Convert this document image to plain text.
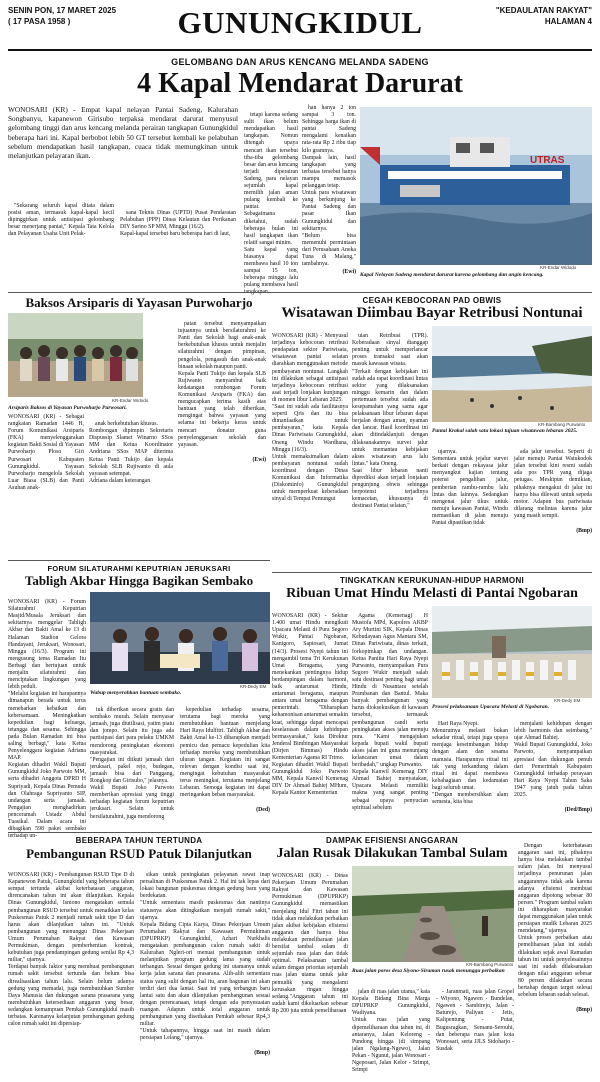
SENIN PON, 17 MARET 2025
( 17 PASA 1958 )	GUNUNGKIDUL	"KEDAULATAN RAKYAT"
HALAMAN 4
GELOMBANG DAN ARUS KENCANG MELANDA SADENG
4 Kapal Mendarat Darurat

WONOSARI (KR) - Empat kapal nelayan Pantai Sadeng, Kalurahan Songbanyu, kapanewon Girisubo terpaksa mendarat darurat menyusul gelombang tinggi dan arus kencang melanda perairan tangkapan Gunungkidul beberapa hari ini. Kapal berbobot lebih 50 GT tersebut kembali ke pelabuhan sebelum mendapatkan hasil tangkapan, cuaca tidak memungkinan untuk melanjutkan pelayaran ikan.

"Sekarang seluruh kapal ditata dalam posisi aman, termasuk kapal-kapal kecil dipinggirkan untuk antisipasi gelombang besar menerjang pantai," Kepala Tata Kelola dan Pelayanan Usaha Unit Pelak-

sana Teknis Dinas (UPTD) Pusat Pendaratan Pelabuhan (PPP) Dinas Kelautan dan Perikanan DIY Sarino SP MM, Minggu (16/2).
Kapal-kapal tersebut baru beberapa hari di laut,

tetapi karena sedang sulit ikan belum mendapatkan hasil tangkapan. Nomun ditengah upaya mencari ikan tersebut tiba-tiba gelombang besar dan arus kencang terjadi diperairan Sadeng, para nelayan sejumlah kapal memilih jalan aman pulang kembali ke pantai.
Sebagaimana diketahui, sudah beberapa bulan ini hasil tangkapan ikan relatif sangat minim.
Satu kapal yang biasanya dapat membawa hasil 10 ton sampai 15 ton, beberapa minggu lalu pulang membawa hasil tangkapan

UTRAS
KR-Endar Widodo
Kapal Nelayan Sadeng mendarat darurat karena gelombang dan angin kencang.
Baksos Arsiparis di Yayasan Purwoharjo
KR-Endar Widodo
Arsiparis Baksos di Yayasan Purwoharjo Purwosari.

WONOSARI (KR) - Sebagai rangkaian Ramadan 1446 H, Forum Komunikasi Arsiparis (FKA) menyelenggarakan kegiatan Bakti Sosial di Yayasan Purwoharjo Ploso Giri Purwosari Kabupaten Gunungkidul. Yayasan Purwoharjo mengelola Sekolah Luar Biasa (SLB) dan Panti Asuhan anak-

anak berkebutuhan khusus.
Rombongan dipimpin Sekretaris Dispussip Slamet Winarno SSos MM dan Ketua Koordinator Andriana SSos MAP diterima Ketua Panti Tukijo dan kepala Sekolah SLB Rujiwanto di aula yayasan setempat.
Adriana dalam keterangan

patan tersebut menyampaikan tujuannya untuk bersilaturahmi ke Panti dan Sekolah bagi anak-anak berkebutuhan khusus untuk menjalin silaturahmi dengan pimpinan, pengelola, pengasuh dan anak-anak binaan sekolah maupun panti.
Kepala Panti Tukijo dan kepala SLB Rujiwanto menyambut baik kedatangan rombongan Forum Komunikasi Arsiparis (FKA) dan mengucapkan terima kasih atas bantuan yang telah diberikan, mengingat bahwa yayasan yang selama ini bekerja keras untuk mencari donatur guna penyelenggaraan sekolah dan yayasan.

(Ewi)

CEGAH KEBOCORAN PAD OBWIS
Wisatawan Diimbau Bayar Retribusi Nontunai

WONOSARI (KR) - Menyusul terjadinya kebocoran retribusi pendapatan sektor Pariwisata, wisatawan pantai selatan diarahkan menggunakan metode pembayaran nontunai. Langkah ini dilakukan sebagai antisipasi terjadinya kebocoran retribusi asat terjadi lonjakan kunjungan di momen libur Lebaran 2025.
"Saat ini sudah ada fasilitasnya seperti Qris dan itu bisa dimanfaatkan untuk pembayaran," kata Kepala Dinas Pariwisata Gunungkidul, Oneng Windu Wardhana, Minggu (16/3).
Untuk memaksimalkan dalam pembayaran nontunai sudah koordinasi dengan Dinas Komunikasi dan Informatika (Diskominfo) Gunungkidul untuk memperkuat keberadaan sinyal di Tempat Pemungut

utan Retribusi (TPR). Keberadaan sinyal dianggap penting untuk memperlancar proses transaksi saat akan masuk kawasan wisata.
"Terkait dengan kebijakan ini sudah ada rapat koordinasi lintas sektor yang dilaksanakan minggu kemarin dan dalam pertemuan tersebut sudah ada kesepamahan yang sama agar pelaksanaan libur lebaran dapat berjalan dengan aman, nyaman dan lancar. Hasil koordinasi ini akan ditindaklanjuti dengan dilaksanakannya survei jalur untuk memantau kebijakan akses wisatawan arus lalu lintas." kata Oneng.
Saat libur lebaran nanti diprediksi akan terjadi lonjakan pengunjung obwis sehingga berpotensi terjadinya kemacetan, khususnya di destinasi Pantai selatan,"

KR-Bambang Purwanto
Pantai Krakal salah satu lokasi tujuan wisatawan lebaran 2025.

ujarnya.
Sementara untuk jejalur survei berkait dengan rekayasa jalur menyangkut kajian tentang potensi pengalihan jalur, pemberian rambu-rambu lalu lintas dan lainnya. Sedangkan mengenai jalur tikus untuk menuju kawasan Pantai, Windu memastikan di jalan menuju Pantai dipastikan tidak

ada jalur tersebut. Seperti di jalur menuju Pantai Watukodok jalan tersebut kini resmi sudah ada pos TPR yang dijaga petugas. Meskipun demikian, pihaknya mengakui di jalur ini hanya bisa dilewati untuk sepeda motor. Adapun bus pariwisata dilarang melintas karena jalur yang masih sempit.

(Bmp)

FORUM SILATURAHMI KEPUTRIAN JERUKSARI
Tabligh Akbar Hingga Bagikan Sembako

WONOSARI (KR) - Forum Silaturahmi Keputrian Masjid/Musala Jeruksari dan sekitarnya menggelar Tabligh Akbar dan Bakti Amal ke 13 di Halaman Stadion Gelora Handayani, Jeruksari, Wonosari, Minggu (16/3). Program ini mengusung tema Ramadan Itu Berbagi dan bertujuan untuk menjalin silaturahmi dan menciptakan lingkungan yang lebih peduli.
"Melalui kegiatan ini harapannya dimanapun berada untuk terus menebarkan kebaikan dan kebersamaan. Meningkatkan kepedulian bagi keluarga, tetangga dan sesama. Sehingga pada Bulan Ramadan ini bisa saling berbagi," kata Ketua Penyelenggara kegiatan Adriana MAP.
Kegiatan dihadiri Wakil Bupati Gunungkidul Joko Parwoto MM, serta dihadiri Anggota DPRD H Supriyadi, Kepala Dinas Pemuda dan Olahraga Supriyanto SIP, undangan serta jamaah. Pengajian menghadirkan penceramah Ustadz Abdul Tuasikal. Dalam acara ini dibagikan 598 paket sembako terhadap un-

KR-Dedy EM
Wabup menyerahkan bantuan sembako.

tuk diberikan secara gratis dan sembako murah. Selain menyasar jamaah, juga diutilisasi, yatim piatu dan jompo. Selain itu juga ada partisipasi dari para pelaku UMKM mendorong peningkatan ekonomi masyarakat.
"Pengajian ini diikuti jamaah dari jeruksari, pakel rejo, budegan, jamaah bisa dari Panggang, Rongkop dan Girisubo," jelasnya.
Wakil Bupati Joko Parwoto memberikan apresiasi yang tinggi terhadap kegiatan forum keputrian jeruksari. Selain untuk bersilaturahmi, juga mendorong

kepedulian terhadap sesama, terutama bagi mereka yang membutuhkan bantuan menjelang Hari Raya Idulfitri. Tabligh Akbar dan Bakti Amal ke-13 diharapkan menjadi pemicu dan pemacu kepedulian kita terhadap mereka yang membutuhkan uluran tangan. Kegiatan ini sangat relevan dengan kondisi saat ini, mengingat kebutuhan masyarakat terus meningkat, terutama menjelang Lebaran. Semoga kegiatan ini dapat meringankan beban masyarakat.

(Ded)

TINGKATKAN KERUKUNAN-HIDUP HARMONI
Ribuan Umat Hindu Melasti di Pantai Ngobaran

WONOSARI (KR) - Sekitar 1.400 umat Hindu mengikuti Upacara Melasti di Pura Segoro Wukir, Pantai Ngobaran, Kanigoro, Saptosari, Jumat (14/3). Prosesi Nyepi tahun ini mengambil tema Tri Kerukunan Umat Beragama, yang menekankan pentingnya hidup berdampingan dalam harmoni, baik antarumat Hindu, antarumat beragama, maupun antara umat beragama dengan pemerintah. "Diharapkan kehamonisan antarumat semakin kuat, sehingga dapat mencapai keselarasan dalam kehidupan bermasyarakat," kata Direktur Jenderal Bimbingan Masyarakat (Dirjen Bimmas) Hindu Kementerian Agama RI Trimo.
Kegiatan dihadiri Wakil Bupati Gunungkidul Joko Parwoto MM, Kepala Kanwil Kemenag DIY Dr Ahmad Bahiej MHum, Kepala Kantor Kementerian

Agama (Kemenag) H Mustofa MPd, Kapolres AKBP Ary Murtini SIK, Kepala Dinas Kebudayaan Agus Mantara SM, Dinas Pariwisata, dinas terkait, forkopimkap dan undangan. Ketua Panitia Hari Raya Nyepi Purwanto, menyampaikan Pura Segoro Wukir menjadi salah satu destinasi penting bagi umat Hindu di Nusantara setelah Prambanan dan Bantul. Maka banyak pembangunan yang harus dioksekusikan di kawasan tersebut, termasuk pembangunan candi serta peningkatan akses jalan menuju pura. "Kami mengajukan kepada bupati wakil bupati akses jalan ini guna menunjang kelancaran umat dalam beribadah," ungkap Purwanto.
Kepala Kanwil Kemenag DIY Ahmad Bahiej menyatakan, Upacara Melasti memiliki makna yang sangat penting sebagai upaya penyucian spiritual sebelum

KR-Dedy EM
Prosesi pelaksanaan Upacara Melasti di Ngobaran.

Hari Raya Nyepi.
Menurutnya melasti bukan sekadar ritual, tetapi juga upaya menjaga keseimbangan hidup dengan alam dan sesama manusia. Harapannya ritual ini tak yang terkandung dalam ritual ini dapat membawa kebahagiaan dan kedamaian bagi seluruh umat.
"Dengan membersihkan alam semesta, kita bisa

menjalani kehidupan dengan lebih harmonis dan seimbang," ujar Ahmad Bahiej.
Wakil Bupati Gunungkidul, Joko Parwoto, menyampaikan apresiasi dan dukungan penuh dari Pemerintah Kabupaten Gunungkidul terhadap perayaan Hari Raya Nyepi Tahun Saka 1947 yang jatuh pada tahun 2025.

(Ded/Bmp)

BEBERAPA TAHUN TERTUNDA
Pembangunan RSUD Patuk Dilanjutkan

WONOSARI (KR) - Pembangunan RSUD Tipe D di Kapanewon Patuk, Gunungkidul yang beberapa tahun sempat tertunda akibat keterbatasan anggaran, direncanakan tahun ini akan dilanjutkan. Kepala Dinas Gunungkidul, Ismono mengatakan semula pembangunan RSUD tersebut untuk menaikkan kelas Puskesmas Patuk 2 menjadi rumah sakit tipe D dan harus akan dilanjutkan tahun ini. "Untuk pembangunan yang menunggu Dinas Pekerjaan Umum Perumahan Rakyat dan Kawasan Permukiman, dengan pemberhentian kontrak, kebutuhan juga pendampingan gedung senilai Rp 4,3 miliar," ujarnya.
Terdapat banyak faktor yang membuat pembangunan rumah sakit tersebut tertunda dan belum bisa direalisasikan tahun lalu. Selain belum adanya gedung yang memadai, juga membutuhkan Sumber Daya Manusia dan dukungan sarana prasarana yang membutuhkan ketersediaan anggaran yang besar, sedangkan kemampuan Pemkab Gunungkidul masih terbatas. Karenanya kelanjutan pembangunan gedung calon rumah sakit ini dipersiap-

sikan untuk peningkatan pelayanan rawat inap persalinan di Puskesmas Patuk 2. Hal ini tak lepas dari lokasi bangunan puskesmas dengan gedung baru yang berdekatan.
"Untuk sementara masih puskesmas dan nantinya statusnya akan ditingkatkan menjadi rumah sakit," ujarnya.
Kepala Bidang Cipta Karya, Dinas Pekerjaan Umum Perumahan Rakyat dan Kawasan Permukiman (DPUPRKP) Gunungkidul, Azhari Nurkhalis mengatakan pembangunan calon rumah sakit di Kalurahan Ngleri-ori menuai pembangunan untuk melanjutkan program gedung lama yang sudah terbangun. Sesuai dengan gedung ini utamanya untuk kerja jalan sarana dan prasarana. Alih-alih sementara status yang sulit dengan hal itu, aran bagunan ini akan terdiri dari dua lantai. Saat ini yang terbangun baru lantai satu dan akan dilanjutkan pembangunan sesuai dengan perencanaan, tetapi dengan ada penyesuaian ruangan. Adapun untuk total anggaran untuk pembangunan yang disediakan Pemkab sebesar Rp4,3 miliar.
"Untuk tahapannya, hingga saat ini masih dalam persiapan Lelang," ujarnya.

(Bmp)

DAMPAK EFISIENSI ANGGARAN
Jalan Rusak Dilakukan Tambal Sulam

WONOSARI (KR) - Dinas Pekerjaan Umum Perumahan Rakyat dan Kawasan Permukiman (DPUPRKP) Gunungkidul memastikan menjelang Idul Fitri tahun ini tidak akan melakukan perbaikan jalan akibat kebijakan efisiensi anggaran dan hanya bisa melakukan pemeliharaan jalan bersifat tambal sulam di sejumlah ruas jalan dan tidak optimal. Pelaksanaan tambal sulam dengan prioritas sejumlah ruas jalan utama untuk jalur pemudik yang mengalami kerusakan ringan hingga sedang."Anggaran tahun ini sudah kami dikeluarkan sebesar Rp 200 juta untuk pemeliharaan

KR-Bambang Purwanto
Ruas jalan poros desa Siyono-Siraman rusak menunggu perbaikan

jalan di ruas jalan utama," kata Kepala Bidang Bina Marga DPUPRKP Gunungkidul, Wadiyana.
Untuk ruas jalan yang dipemeliharaan dua tahun ini, di antaranya, Jalan Keloreng - Pundong hingga (di simpang jalan Ngalang-Ngewo), Jalan Pekan - Ngunut, jalan Wonosari - Ngeposari, Jalan Kelor - Srimpi, Srimpi

- Jaranmati, ruas jalan Gropel - Wiyono, Ngawen - Bundelan, Ngawen - Sambirejo, Jalan - Baturejo, Paliyan - Jetis, Kalipentung - Putat, Bugusragkan, Semanu-Serouhi, dan beberapa ruas jalan kota Wonosari, serta JJLS Sidoharjo - Susdak

Dengan keterbatasan anggaran saat ini, pihaknya hanya bisa melakukan tambal sulam jalan. Ini menyusul terjadinya penurunan jalan anggarannya tidak ada karena adanya efisiensi membuat anggaran dipotong sebesar 80 persen." Program tambal sulam ini diharapkan masyarakat dapat menggunakan jalan untuk persiapan mudik Lebaran 2025 mendatang," ujarnya.
Untuk proses perbaikan atau pemeliharaan jalan ini sudah dilakukan sejak awal Ramadan tahun ini untuk penyelesainnya saat ini sudah dilaksanakan dengan nilai anggaran sebesar 80 persen dilakukan secara bertahap dengan target selesai sebelum lebaran sudah selesai.

(Bmp)

han hanya 2 ton sampai 3 ton. Sehingga harga ikan di pantai Sadeng mengalami kenaikan rata-rata Rp 2 ribu tiap kilo gramnya.
Dampak lain, hasil tangkapan yang terbatas tersebut hanya mampu memasok pelanggan tetap.
Untuk para wisatawan yang berkunjung ke Pantai Sadeng dan pasar Ikan Gunungkidul dan sekitarnya.
"Belum bisa memenuhi permintaan dari Perusahaan Aneka Tuna di Malang," tambahnya.

(Ewi)
